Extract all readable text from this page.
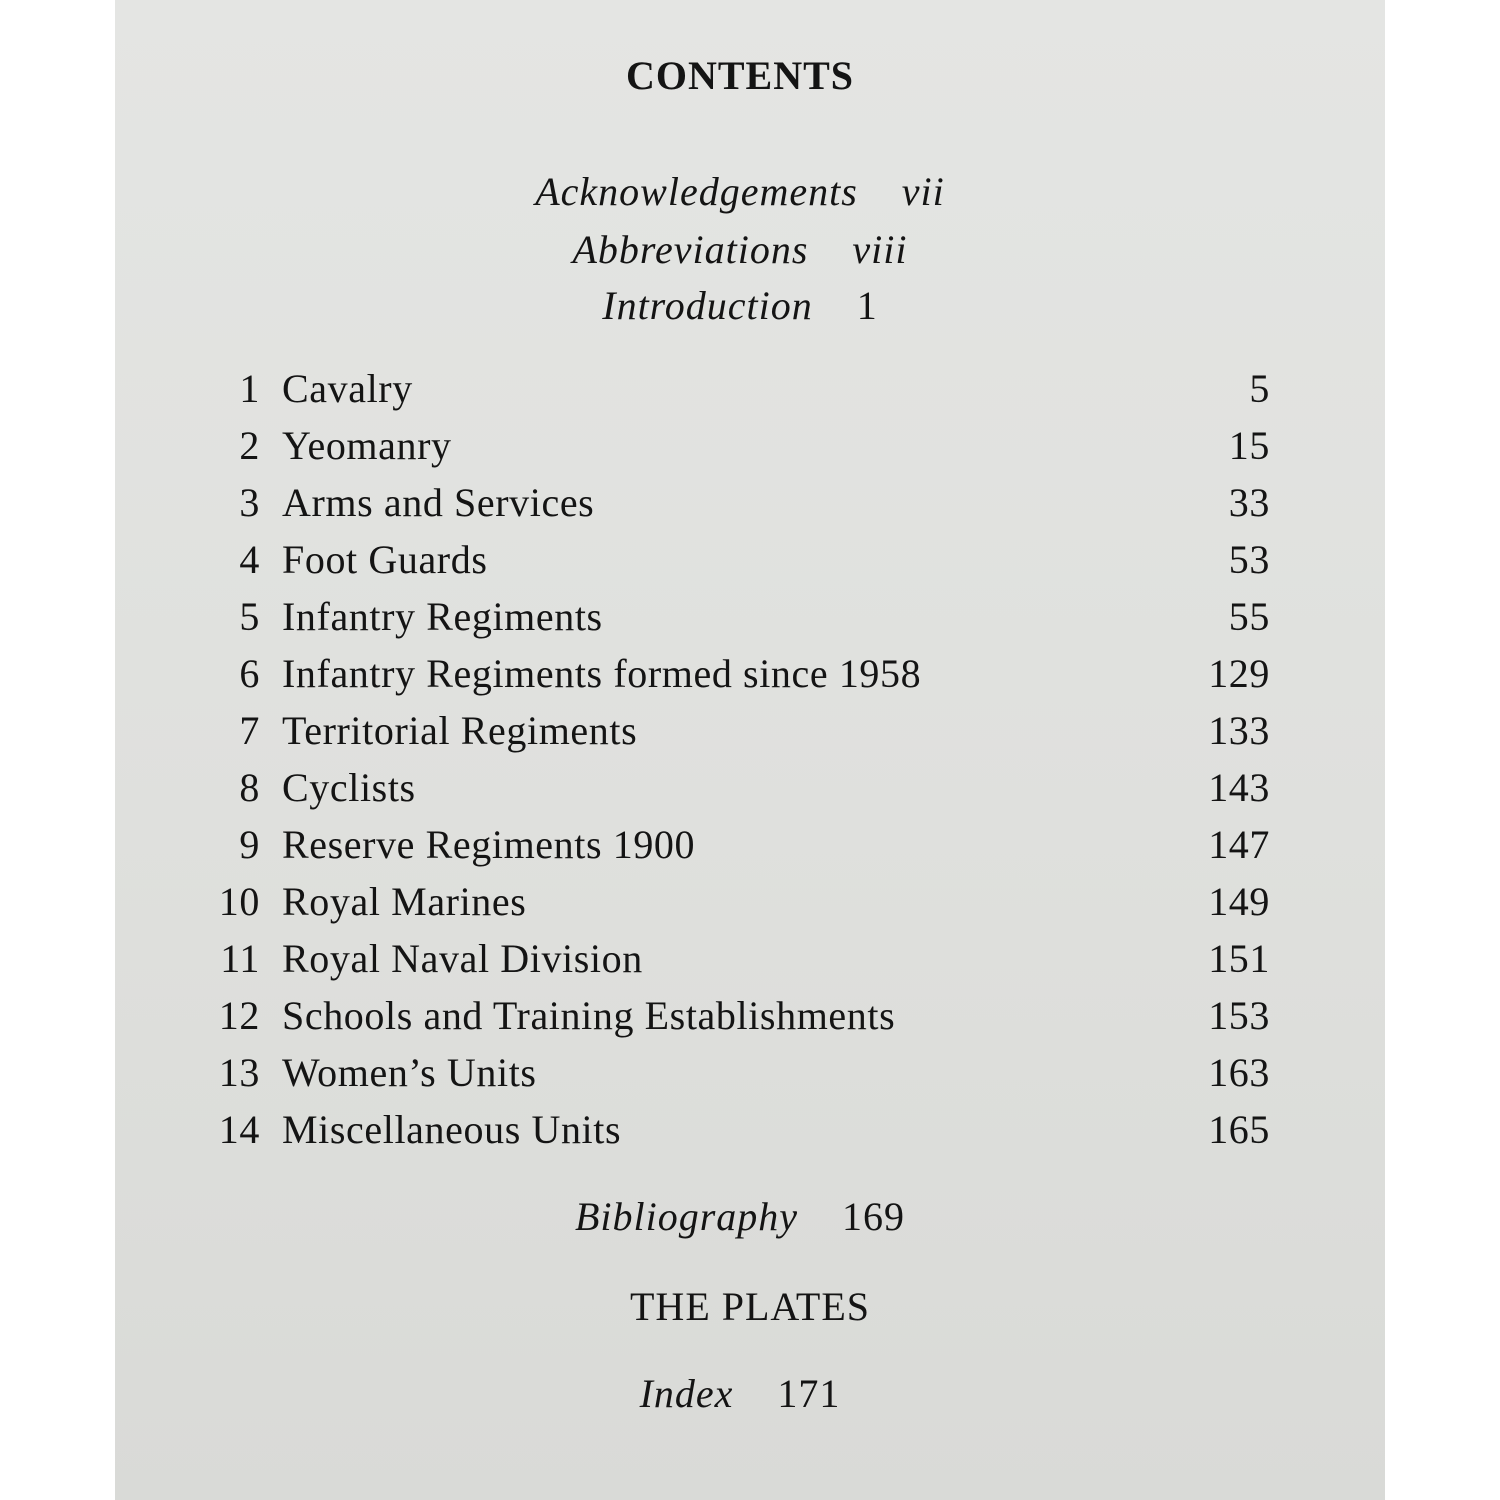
CONTENTS
Acknowledgements vii
Abbreviations viii
Introduction 1
1 Cavalry	5
2 Yeomanry	15
3 Arms and Services	33
4 Foot Guards	53
5 Infantry Regiments	55
6 Infantry Regiments formed since 1958	129
7 Territorial Regiments	133
8 Cyclists	143
9 Reserve Regiments 1900	147
10 Royal Marines	149
11 Royal Naval Division	151
12 Schools and Training Establishments	153
13 Women’s Units	163
14 Miscellaneous Units	165
Bibliography 169
THE PLATES
Index 171
